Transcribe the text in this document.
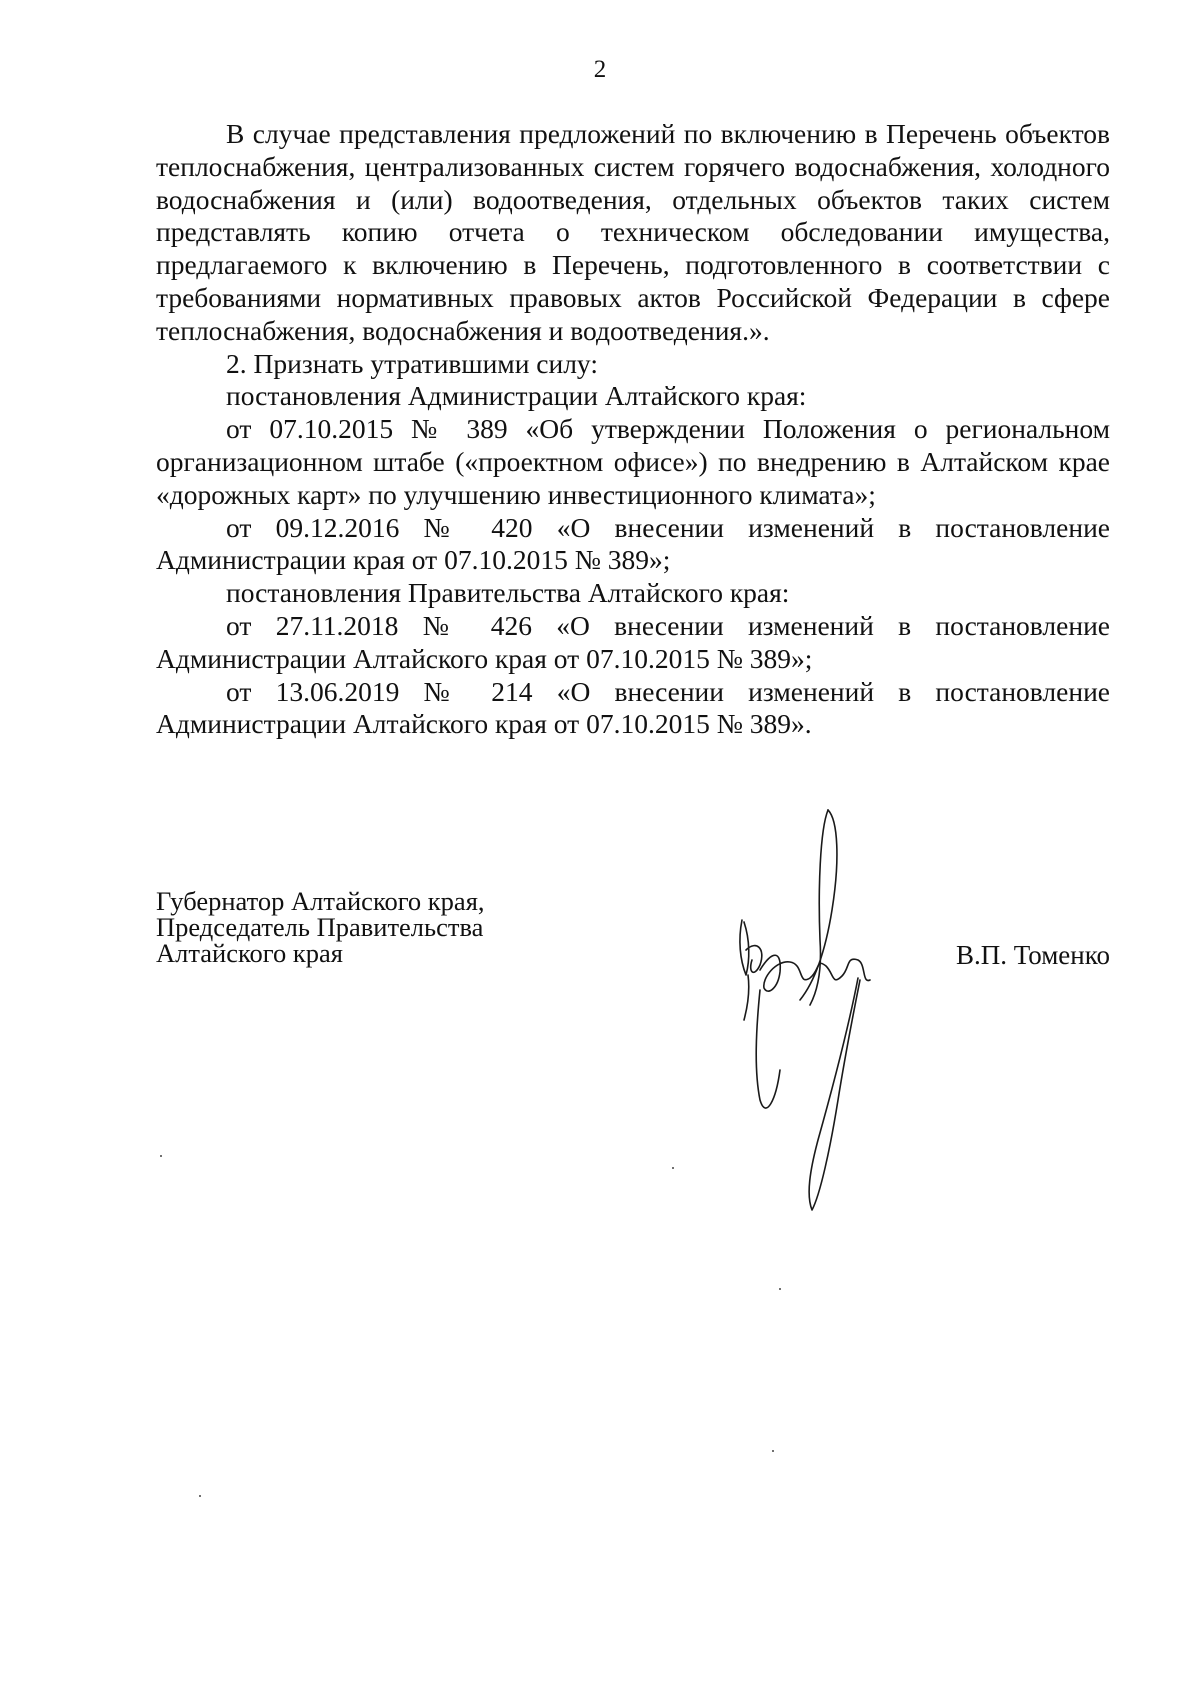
2

В случае представления предложений по включению в Перечень объектов теплоснабжения, централизованных систем горячего водоснабжения, холодного водоснабжения и (или) водоотведения, отдельных объектов таких систем представлять копию отчета о техническом обследовании имущества, предлагаемого к включению в Перечень, подготовленного в соответствии с требованиями нормативных правовых актов Российской Федерации в сфере теплоснабжения, водоснабжения и водоотведения.».

2. Признать утратившими силу:

постановления Администрации Алтайского края:

от 07.10.2015 № 389 «Об утверждении Положения о региональном организационном штабе («проектном офисе») по внедрению в Алтайском крае «дорожных карт» по улучшению инвестиционного климата»;

от 09.12.2016 № 420 «О внесении изменений в постановление Администрации края от 07.10.2015 № 389»;

постановления Правительства Алтайского края:

от 27.11.2018 № 426 «О внесении изменений в постановление Администрации Алтайского края от 07.10.2015 № 389»;

от 13.06.2019 № 214 «О внесении изменений в постановление Администрации Алтайского края от 07.10.2015 № 389».

Губернатор Алтайского края,
Председатель Правительства
Алтайского края	В.П. Томенко
